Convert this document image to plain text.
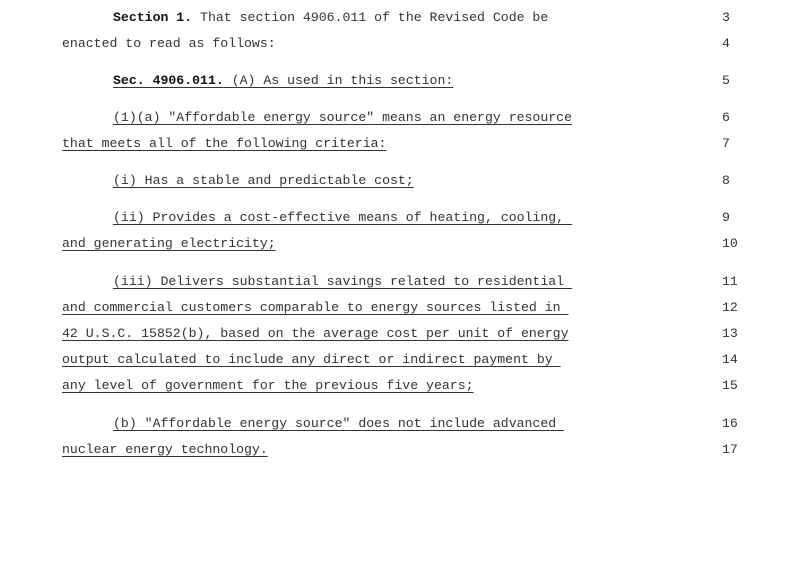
Section 1. That section 4906.011 of the Revised Code be
enacted to read as follows:
Sec. 4906.011. (A) As used in this section:
(1)(a) "Affordable energy source" means an energy resource
that meets all of the following criteria:
(i) Has a stable and predictable cost;
(ii) Provides a cost-effective means of heating, cooling,
and generating electricity;
(iii) Delivers substantial savings related to residential
and commercial customers comparable to energy sources listed in
42 U.S.C. 15852(b), based on the average cost per unit of energy
output calculated to include any direct or indirect payment by
any level of government for the previous five years;
(b) "Affordable energy source" does not include advanced
nuclear energy technology.
3
4
5
6
7
8
9
10
11
12
13
14
15
16
17
